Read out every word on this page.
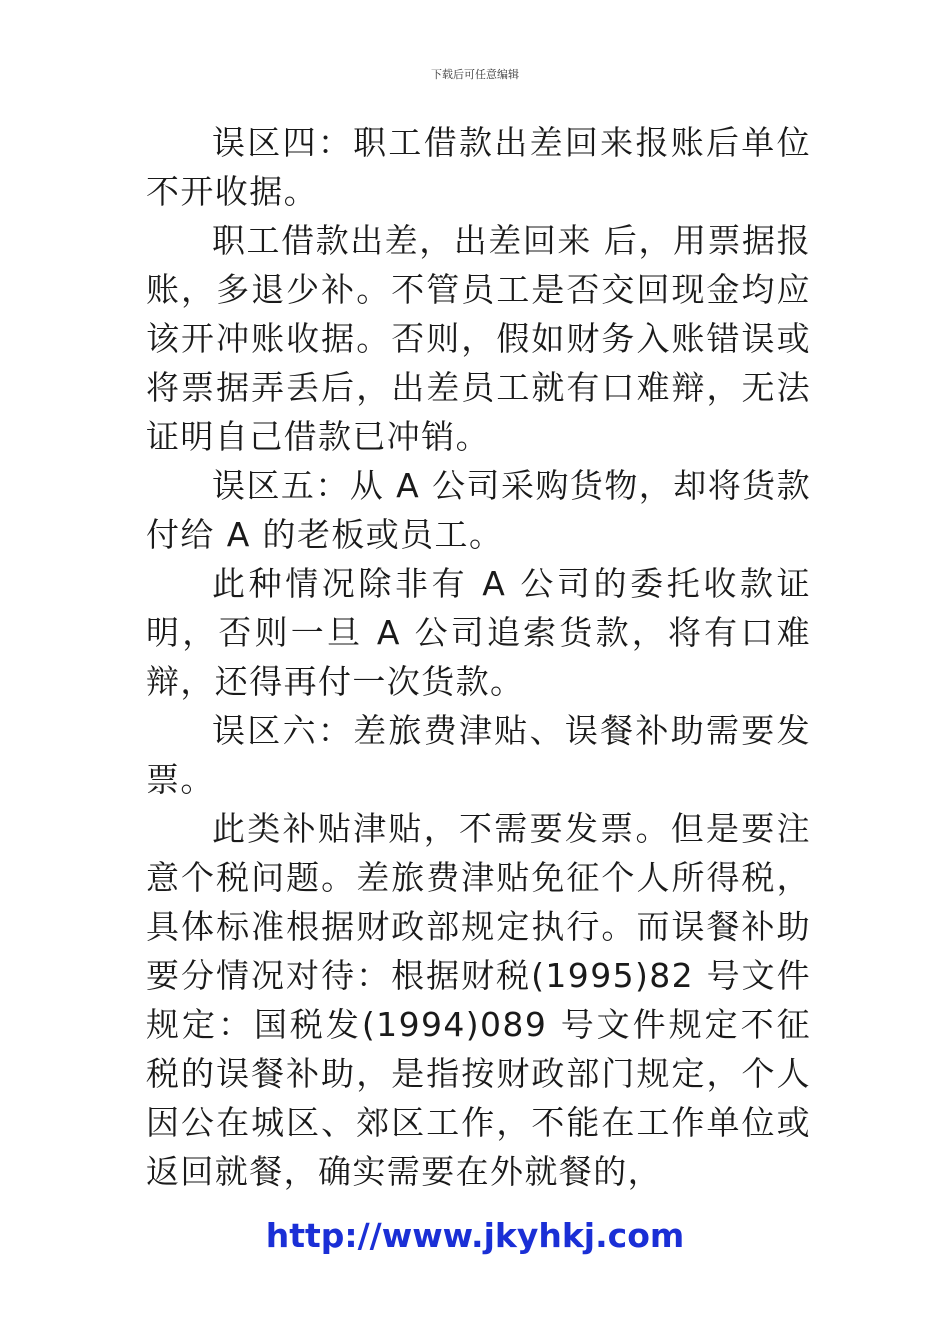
下载后可任意编辑

误区四：职工借款出差回来报账后单位不开收据。

职工借款出差，出差回来 后，用票据报账，多退少补。不管员工是否交回现金均应该开冲账收据。否则，假如财务入账错误或将票据弄丢后，出差员工就有口难辩，无法证明自己借款已冲销。

误区五：从 A 公司采购货物，却将货款付给 A 的老板或员工。

此种情况除非有 A 公司的委托收款证明，否则一旦 A 公司追索货款，将有口难辩，还得再付一次货款。

误区六：差旅费津贴、误餐补助需要发票。

此类补贴津贴，不需要发票。但是要注意个税问题。差旅费津贴免征个人所得税，具体标准根据财政部规定执行。而误餐补助要分情况对待：根据财税(1995)82 号文件规定：国税发(1994)089 号文件规定不征税的误餐补助，是指按财政部门规定，个人因公在城区、郊区工作，不能在工作单位或返回就餐，确实需要在外就餐的，

http://www.jkyhkj.com
